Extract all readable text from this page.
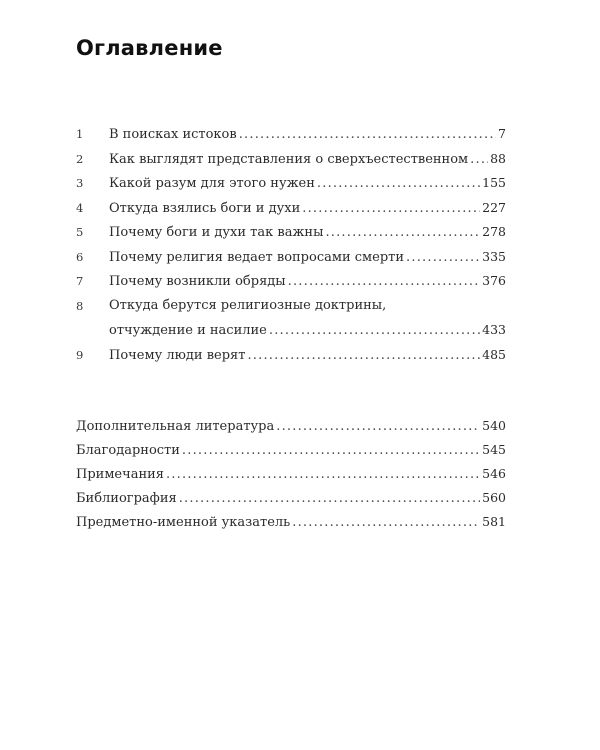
Оглавление
1	В поисках истоков .....	7
2	Как выглядят представления о сверхъестественном ..... 88
3	Какой разум для этого нужен .....	155
4	Откуда взялись боги и духи .....	227
5	Почему боги и духи так важны .....	278
6	Почему религия ведает вопросами смерти .....	335
7	Почему возникли обряды .....	376
8	Откуда берутся религиозные доктрины,
отчуждение и насилие .....	433
9	Почему люди верят .....	485
Дополнительная литература .....	540
Благодарности .....	545
Примечания .....	546
Библиография .....	560
Предметно-именной указатель .....	581
